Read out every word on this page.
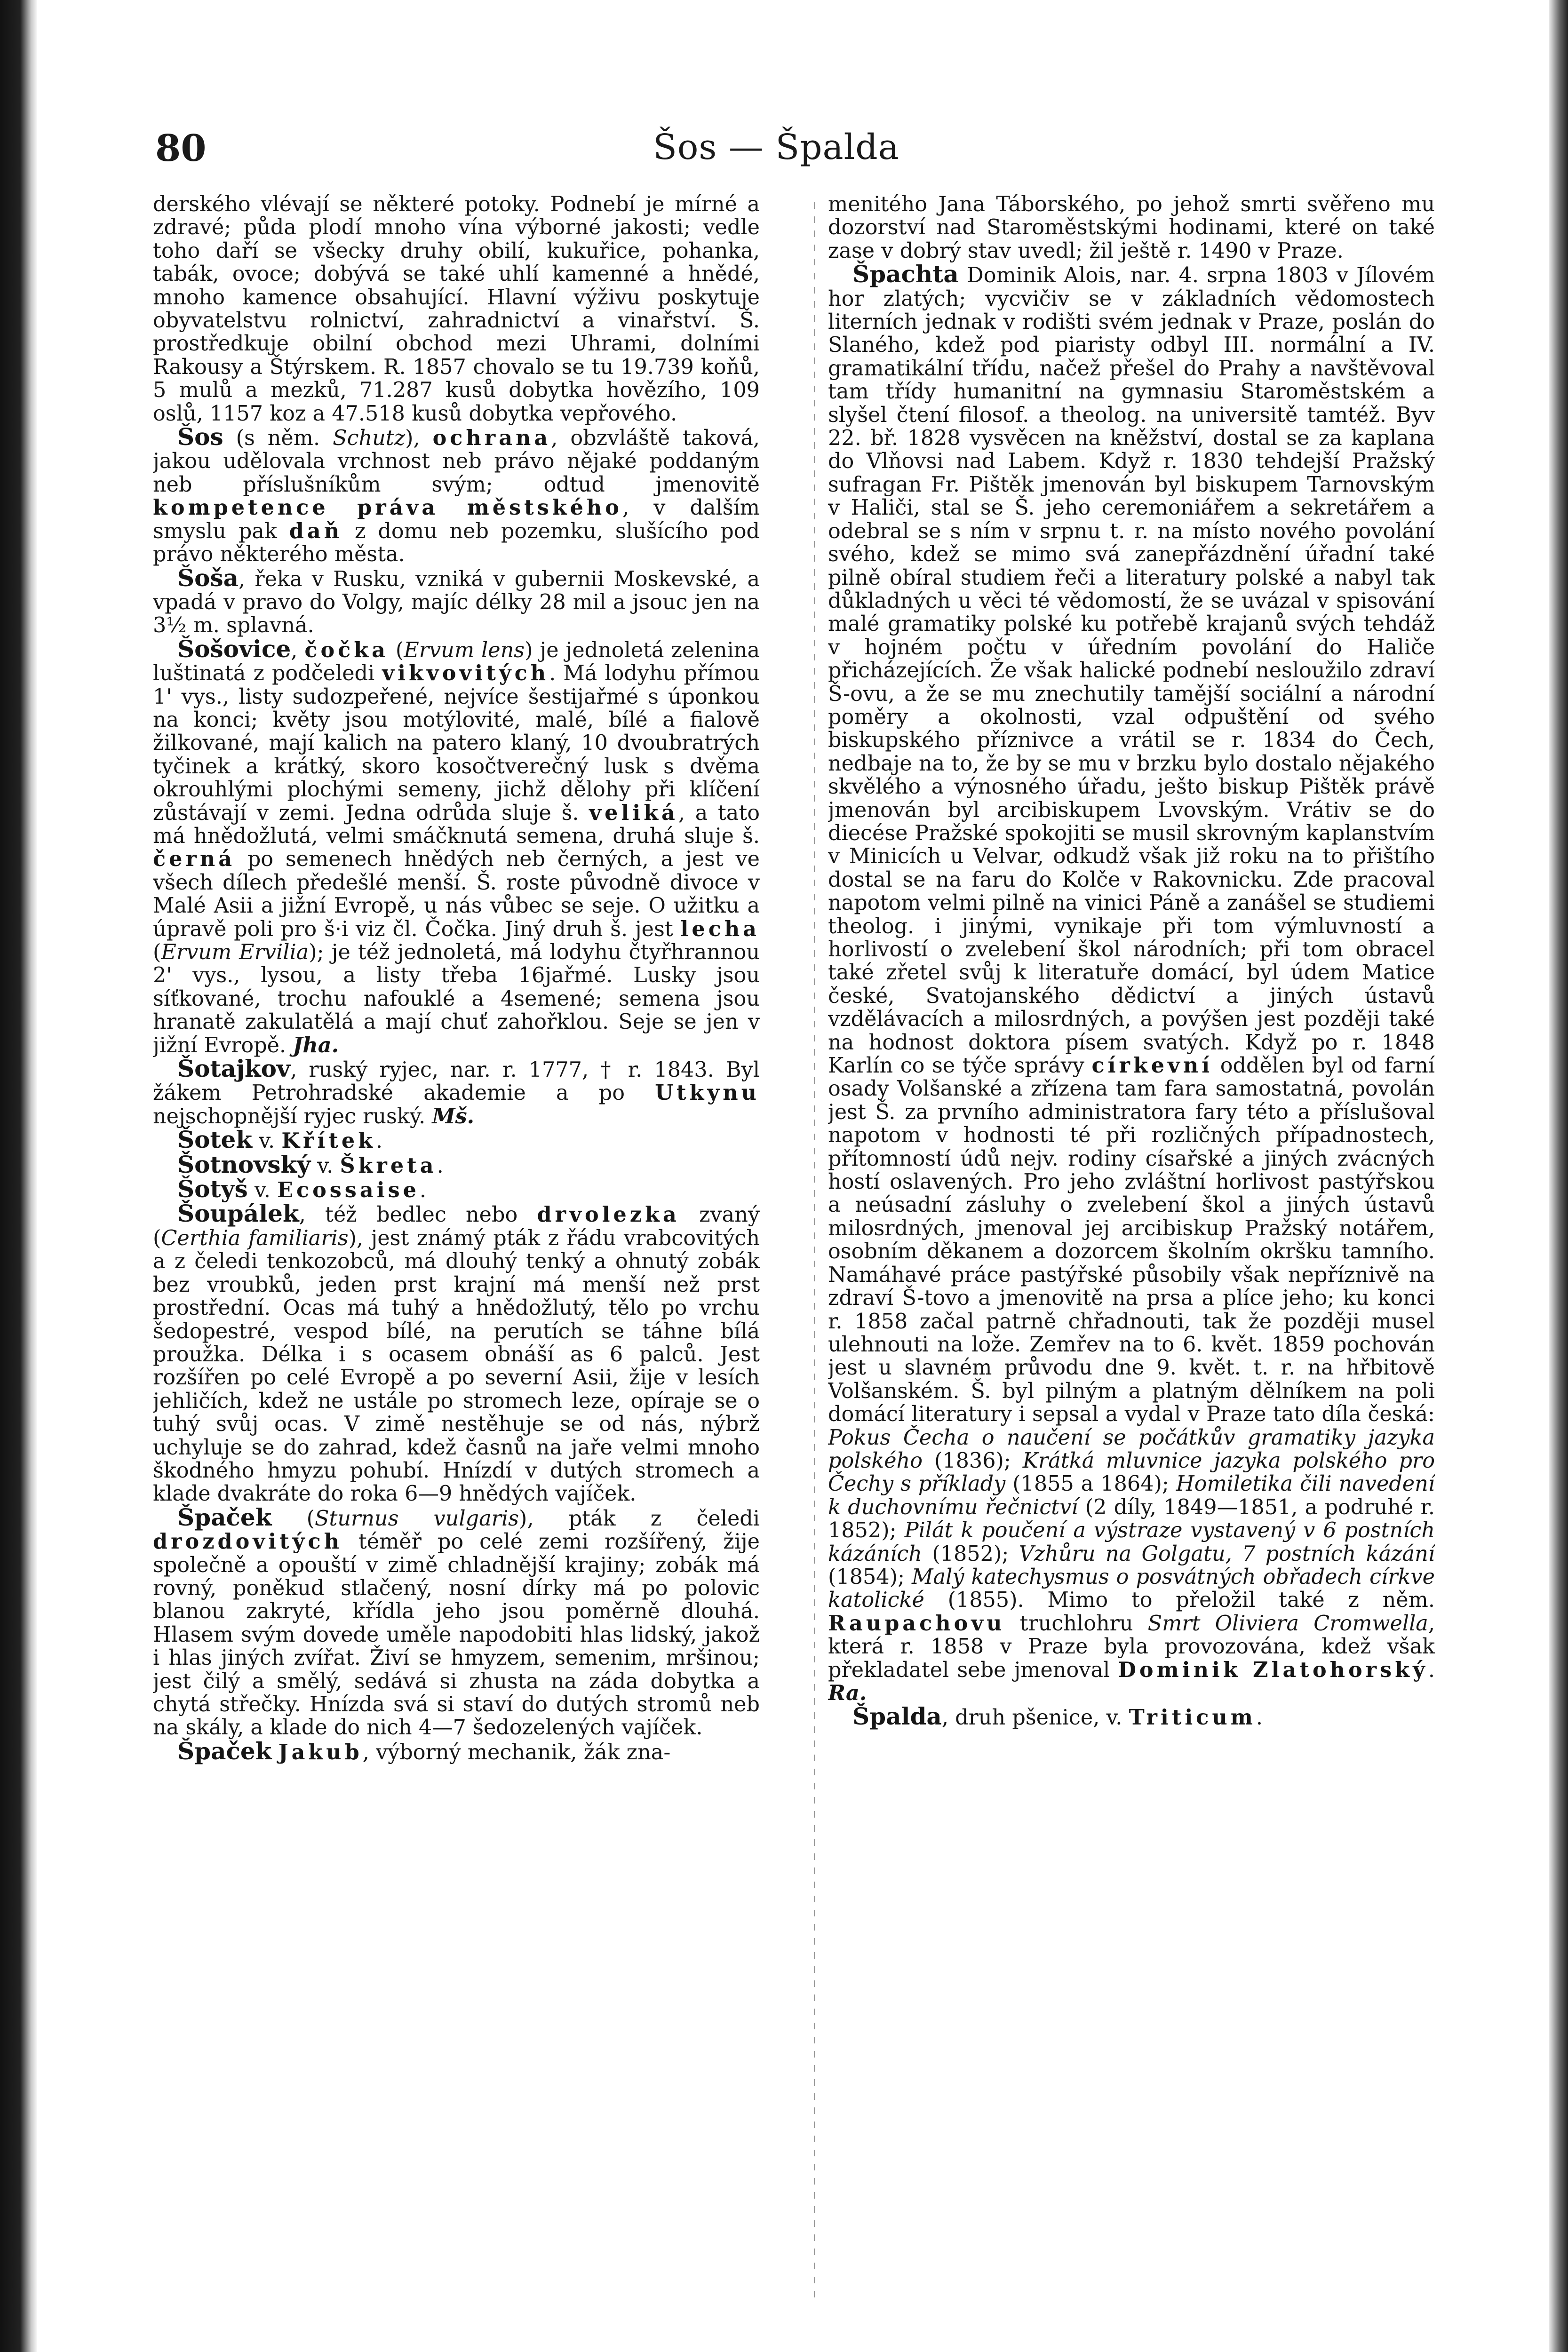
80	Šos — Špalda

derského vlévají se některé potoky. Podnebí je mírné a zdravé; půda plodí mnoho vína výborné jakosti; vedle toho daří se všecky druhy obilí, kukuřice, pohanka, tabák, ovoce; dobývá se také uhlí kamenné a hnědé, mnoho kamence obsahující. Hlavní výživu poskytuje obyvatelstvu rolnictví, zahradnictví a vinařství. Š. prostředkuje obilní obchod mezi Uhrami, dolními Rakousy a Štýrskem. R. 1857 chovalo se tu 19.739 koňů, 5 mulů a mezků, 71.287 kusů dobytka hovězího, 109 oslů, 1157 koz a 47.518 kusů dobytka vepřového.

Šos (s něm. Schutz), ochrana, obzvláště taková, jakou udělovala vrchnost neb právo nějaké poddaným neb příslušníkům svým; odtud jmenovitě kompetence práva městského, v dalším smyslu pak daň z domu neb pozemku, slušícího pod právo některého města.

Šoša, řeka v Rusku, vzniká v gubernii Moskevské, a vpadá v pravo do Volgy, majíc délky 28 mil a jsouc jen na 3½ m. splavná.

Šošovice, čočka (Ervum lens) je jednoletá zelenina luštinatá z podčeledi vikvovitých. Má lodyhu přímou 1' vys., listy sudozpeřené, nejvíce šestijařmé s úponkou na konci; květy jsou motýlovité, malé, bílé a fialově žilkované, mají kalich na patero klaný, 10 dvoubratrých tyčinek a krátký, skoro kosočtverečný lusk s dvěma okrouhlými plochými semeny, jichž dělohy při klíčení zůstávají v zemi. Jedna odrůda sluje š. veliká, a tato má hnědožlutá, velmi smáčknutá semena, druhá sluje š. černá po semenech hnědých neb černých, a jest ve všech dílech předešlé menší. Š. roste původně divoce v Malé Asii a jižní Evropě, u nás vůbec se seje. O užitku a úpravě poli pro š·i viz čl. Čočka. Jiný druh š. jest lecha (Ervum Ervilia); je též jednoletá, má lodyhu čtyřhrannou 2' vys., lysou, a listy třeba 16jařmé. Lusky jsou síťkované, trochu nafouklé a 4semené; semena jsou hranatě zakulatělá a mají chuť zahořklou. Seje se jen v jižní Evropě. Jha.

Šotajkov, ruský ryjec, nar. r. 1777, † r. 1843. Byl žákem Petrohradské akademie a po Utkynu nejschopnější ryjec ruský. Mš.

Šotek v. Křítek.

Šotnovský v. Škreta.

Šotyš v. Ecossaise.

Šoupálek, též bedlec nebo drvolezka zvaný (Certhia familiaris), jest známý pták z řádu vrabcovitých a z čeledi tenkozobců, má dlouhý tenký a ohnutý zobák bez vroubků, jeden prst krajní má menší než prst prostřední. Ocas má tuhý a hnědožlutý, tělo po vrchu šedopestré, vespod bílé, na perutích se táhne bílá proužka. Délka i s ocasem obnáší as 6 palců. Jest rozšířen po celé Evropě a po severní Asii, žije v lesích jehličích, kdež ne ustále po stromech leze, opíraje se o tuhý svůj ocas. V zimě nestěhuje se od nás, nýbrž uchyluje se do zahrad, kdež časnů na jaře velmi mnoho škodného hmyzu pohubí. Hnízdí v dutých stromech a klade dvakráte do roka 6—9 hnědých vajíček.

Špaček (Sturnus vulgaris), pták z čeledi drozdovitých téměř po celé zemi rozšířený, žije společně a opouští v zimě chladnější krajiny; zobák má rovný, poněkud stlačený, nosní dírky má po polovic blanou zakryté, křídla jeho jsou poměrně dlouhá. Hlasem svým dovede uměle napodobiti hlas lidský, jakož i hlas jiných zvířat. Živí se hmyzem, semenim, mršinou; jest čilý a smělý, sedává si zhusta na záda dobytka a chytá střečky. Hnízda svá si staví do dutých stromů neb na skály, a klade do nich 4—7 šedozelených vajíček.

Špaček Jakub, výborný mechanik, žák zna-

menitého Jana Táborského, po jehož smrti svěřeno mu dozorství nad Staroměstskými hodinami, které on také zase v dobrý stav uvedl; žil ještě r. 1490 v Praze.

Špachta Dominik Alois, nar. 4. srpna 1803 v Jílovém hor zlatých; vycvičiv se v základních vědomostech literních jednak v rodišti svém jednak v Praze, poslán do Slaného, kdež pod piaristy odbyl III. normální a IV. gramatikální třídu, načež přešel do Prahy a navštěvoval tam třídy humanitní na gymnasiu Staroměstském a slyšel čtení filosof. a theolog. na universitě tamtéž. Byv 22. bř. 1828 vysvěcen na kněžství, dostal se za kaplana do Vlňovsi nad Labem. Když r. 1830 tehdejší Pražský sufragan Fr. Pištěk jmenován byl biskupem Tarnovským v Haliči, stal se Š. jeho ceremoniářem a sekretářem a odebral se s ním v srpnu t. r. na místo nového povolání svého, kdež se mimo svá zanepřázdnění úřadní také pilně obíral studiem řeči a literatury polské a nabyl tak důkladných u věci té vědomostí, že se uvázal v spisování malé gramatiky polské ku potřebě krajanů svých tehdáž v hojném počtu v úředním povolání do Haliče přicházejících. Že však halické podnebí nesloužilo zdraví Š-ovu, a že se mu znechutily tamější sociální a národní poměry a okolnosti, vzal odpuštění od svého biskupského příznivce a vrátil se r. 1834 do Čech, nedbaje na to, že by se mu v brzku bylo dostalo nějakého skvělého a výnosného úřadu, ješto biskup Pištěk právě jmenován byl arcibiskupem Lvovským. Vrátiv se do diecése Pražské spokojiti se musil skrovným kaplanstvím v Minicích u Velvar, odkudž však již roku na to přištího dostal se na faru do Kolče v Rakovnicku. Zde pracoval napotom velmi pilně na vinici Páně a zanášel se studiemi theolog. i jinými, vynikaje při tom výmluvností a horlivostí o zvelebení škol národních; při tom obracel také zřetel svůj k literatuře domácí, byl údem Matice české, Svatojanského dědictví a jiných ústavů vzdělávacích a milosrdných, a povýšen jest později také na hodnost doktora písem svatých. Když po r. 1848 Karlín co se týče správy církevní oddělen byl od farní osady Volšanské a zřízena tam fara samostatná, povolán jest Š. za prvního administratora fary této a příslušoval napotom v hodnosti té při rozličných případnostech, přítomností údů nejv. rodiny císařské a jiných zvácných hostí oslavených. Pro jeho zvláštní horlivost pastýřskou a neúsadní zásluhy o zvelebení škol a jiných ústavů milosrdných, jmenoval jej arcibiskup Pražský notářem, osobním děkanem a dozorcem školním okršku tamního. Namáhavé práce pastýřské působily však nepříznivě na zdraví Š-tovo a jmenovitě na prsa a plíce jeho; ku konci r. 1858 začal patrně chřadnouti, tak že později musel ulehnouti na lože. Zemřev na to 6. květ. 1859 pochován jest u slavném průvodu dne 9. květ. t. r. na hřbitově Volšanském. Š. byl pilným a platným dělníkem na poli domácí literatury i sepsal a vydal v Praze tato díla česká: Pokus Čecha o naučení se počátkův gramatiky jazyka polského (1836); Krátká mluvnice jazyka polského pro Čechy s příklady (1855 a 1864); Homiletika čili navedení k duchovnímu řečnictví (2 díly, 1849—1851, a podruhé r. 1852); Pilát k poučení a výstraze vystavený v 6 postních kázáních (1852); Vzhůru na Golgatu, 7 postních kázání (1854); Malý katechysmus o posvátných obřadech církve katolické (1855). Mimo to přeložil také z něm. Raupachovu truchlohru Smrt Oliviera Cromwella, která r. 1858 v Praze byla provozována, kdež však překladatel sebe jmenoval Dominik Zlatohorský. Ra.

Špalda, druh pšenice, v. Triticum.
